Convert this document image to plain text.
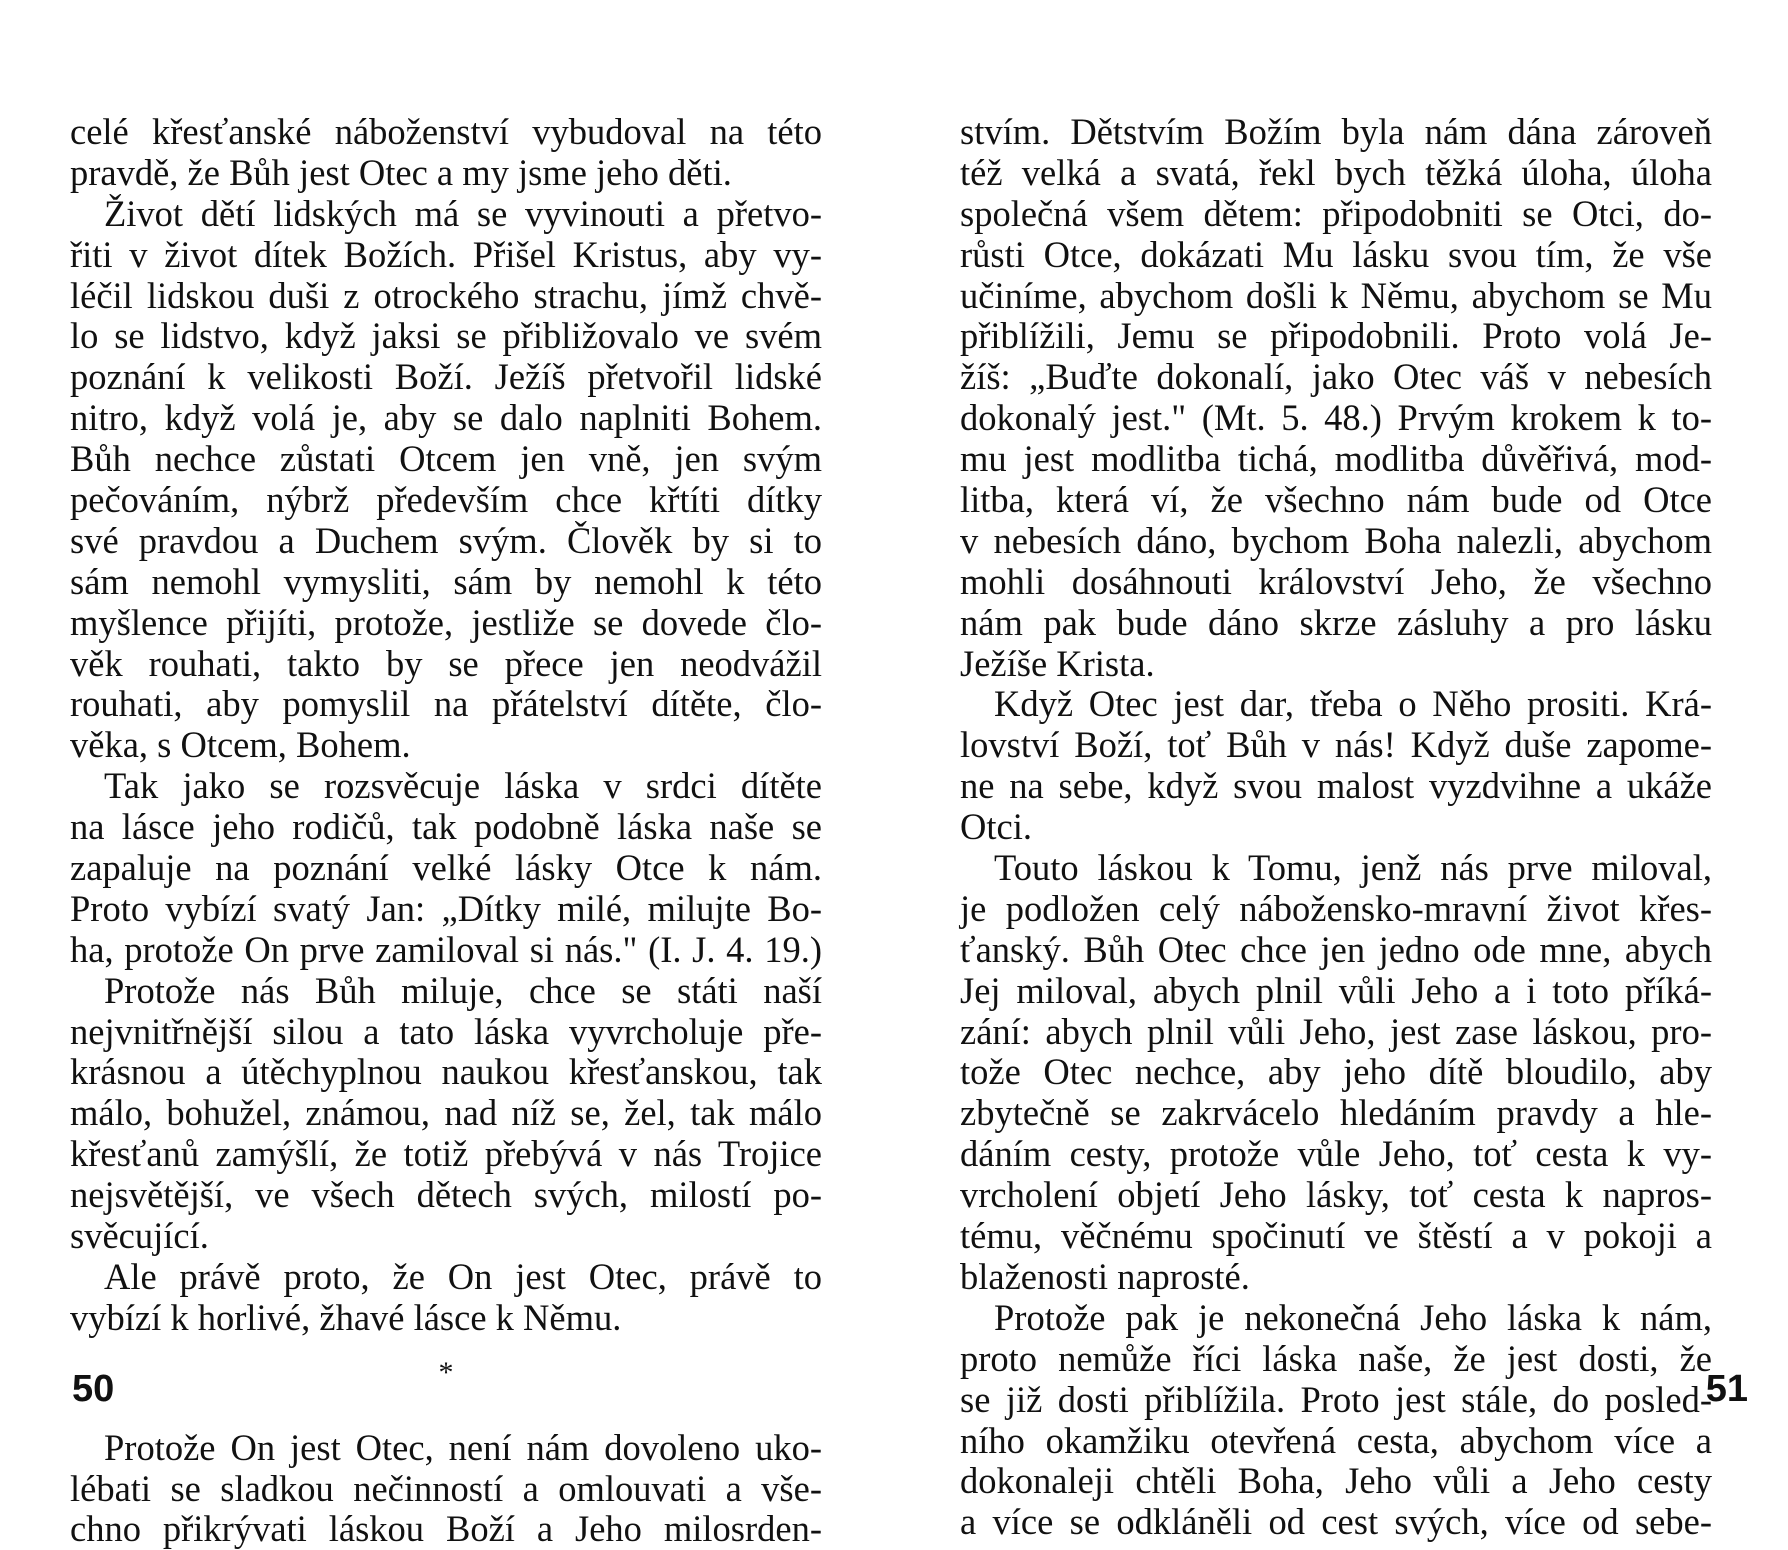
celé křesťanské náboženství vybudoval na této
pravdě, že Bůh jest Otec a my jsme jeho děti.
Život dětí lidských má se vyvinouti a přetvo-
řiti v život dítek Božích. Přišel Kristus, aby vy-
léčil lidskou duši z otrockého strachu, jímž chvě-
lo se lidstvo, když jaksi se přibližovalo ve svém
poznání k velikosti Boží. Ježíš přetvořil lidské
nitro, když volá je, aby se dalo naplniti Bohem.
Bůh nechce zůstati Otcem jen vně, jen svým
pečováním, nýbrž především chce křtíti dítky
své pravdou a Duchem svým. Člověk by si to
sám nemohl vymysliti, sám by nemohl k této
myšlence přijíti, protože, jestliže se dovede člo-
věk rouhati, takto by se přece jen neodvážil
rouhati, aby pomyslil na přátelství dítěte, člo-
věka, s Otcem, Bohem.
Tak jako se rozsvěcuje láska v srdci dítěte
na lásce jeho rodičů, tak podobně láska naše se
zapaluje na poznání velké lásky Otce k nám.
Proto vybízí svatý Jan: „Dítky milé, milujte Bo-
ha, protože On prve zamiloval si nás." (I. J. 4. 19.)
Protože nás Bůh miluje, chce se státi naší
nejvnitřnější silou a tato láska vyvrcholuje pře-
krásnou a útěchyplnou naukou křesťanskou, tak
málo, bohužel, známou, nad níž se, žel, tak málo
křesťanů zamýšlí, že totiž přebývá v nás Trojice
nejsvětější, ve všech dětech svých, milostí po-
svěcující.
Ale právě proto, že On jest Otec, právě to
vybízí k horlivé, žhavé lásce k Němu.
*
Protože On jest Otec, není nám dovoleno uko-
lébati se sladkou nečinností a omlouvati a vše-
chno přikrývati láskou Boží a Jeho milosrden-
50
stvím. Dětstvím Božím byla nám dána zároveň
též velká a svatá, řekl bych těžká úloha, úloha
společná všem dětem: připodobniti se Otci, do-
růsti Otce, dokázati Mu lásku svou tím, že vše
učiníme, abychom došli k Němu, abychom se Mu
přiblížili, Jemu se připodobnili. Proto volá Je-
žíš: „Buďte dokonalí, jako Otec váš v nebesích
dokonalý jest." (Mt. 5. 48.) Prvým krokem k to-
mu jest modlitba tichá, modlitba důvěřivá, mod-
litba, která ví, že všechno nám bude od Otce
v nebesích dáno, bychom Boha nalezli, abychom
mohli dosáhnouti království Jeho, že všechno
nám pak bude dáno skrze zásluhy a pro lásku
Ježíše Krista.
Když Otec jest dar, třeba o Něho prositi. Krá-
lovství Boží, toť Bůh v nás! Když duše zapome-
ne na sebe, když svou malost vyzdvihne a ukáže
Otci.
Touto láskou k Tomu, jenž nás prve miloval,
je podložen celý nábožensko-mravní život křes-
ťanský. Bůh Otec chce jen jedno ode mne, abych
Jej miloval, abych plnil vůli Jeho a i toto příká-
zání: abych plnil vůli Jeho, jest zase láskou, pro-
tože Otec nechce, aby jeho dítě bloudilo, aby
zbytečně se zakrvácelo hledáním pravdy a hle-
dáním cesty, protože vůle Jeho, toť cesta k vy-
vrcholení objetí Jeho lásky, toť cesta k napros-
tému, věčnému spočinutí ve štěstí a v pokoji a
blaženosti naprosté.
Protože pak je nekonečná Jeho láska k nám,
proto nemůže říci láska naše, že jest dosti, že
se již dosti přiblížila. Proto jest stále, do posled-
ního okamžiku otevřená cesta, abychom více a
dokonaleji chtěli Boha, Jeho vůli a Jeho cesty
a více se odkláněli od cest svých, více od sebe-
51
